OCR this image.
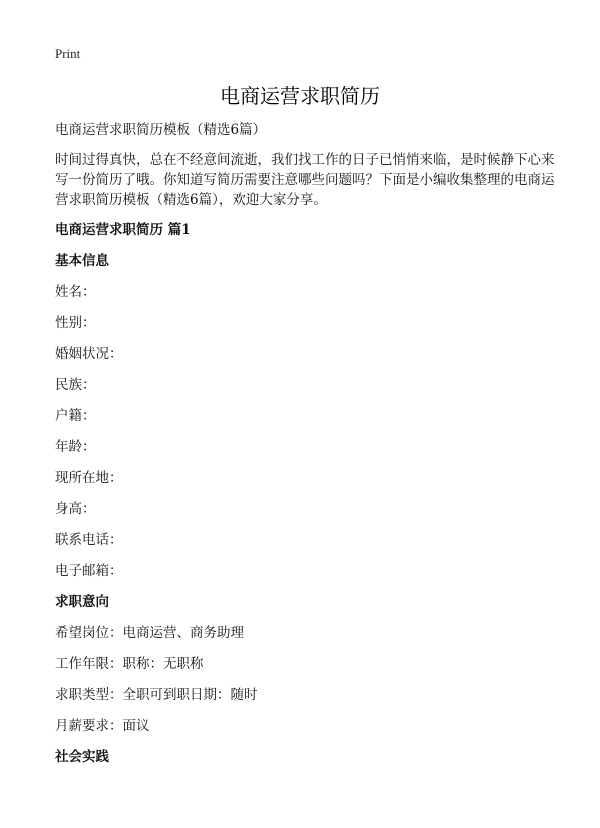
Print
电商运营求职简历

电商运营求职简历模板（精选6篇）

时间过得真快，总在不经意间流逝，我们找工作的日子已悄悄来临，是时候静下心来写一份简历了哦。你知道写简历需要注意哪些问题吗？下面是小编收集整理的电商运营求职简历模板（精选6篇），欢迎大家分享。

电商运营求职简历 篇1

基本信息

姓名：

性别：

婚姻状况：

民族：

户籍：

年龄：

现所在地：

身高：

联系电话：

电子邮箱：

求职意向

希望岗位：电商运营、商务助理

工作年限：职称：无职称

求职类型：全职可到职日期：随时

月薪要求：面议

社会实践
